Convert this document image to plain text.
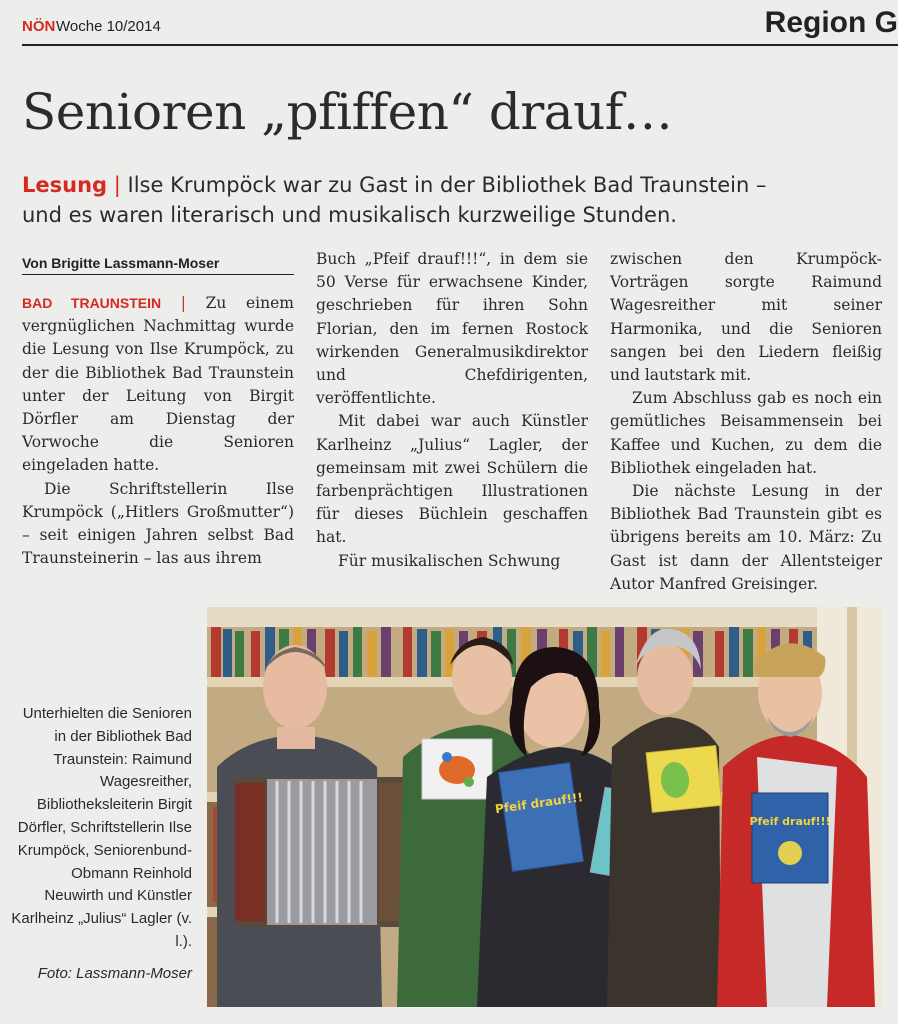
NÖN Woche 10/2014	Region G
Senioren „pfiffen“ drauf…
Lesung | Ilse Krumpöck war zu Gast in der Bibliothek Bad Traunstein –
und es waren literarisch und musikalisch kurzweilige Stunden.
Von Brigitte Lassmann-Moser

BAD TRAUNSTEIN | Zu einem vergnüglichen Nachmittag wurde die Lesung von Ilse Krumpöck, zu der die Bibliothek Bad Traunstein unter der Leitung von Birgit Dörfler am Dienstag der Vorwoche die Senioren eingeladen hatte.

Die Schriftstellerin Ilse Krumpöck („Hitlers Großmutter“) – seit einigen Jahren selbst Bad Traunsteinerin – las aus ihrem

Buch „Pfeif drauf!!!“, in dem sie 50 Verse für erwachsene Kinder, geschrieben für ihren Sohn Florian, den im fernen Rostock wirkenden Generalmusikdirektor und Chefdirigenten, veröffentlichte.

Mit dabei war auch Künstler Karlheinz „Julius“ Lagler, der gemeinsam mit zwei Schülern die farbenprächtigen Illustrationen für dieses Büchlein geschaffen hat.

Für musikalischen Schwung

zwischen den Krumpöck-Vorträgen sorgte Raimund Wagesreither mit seiner Harmonika, und die Senioren sangen bei den Liedern fleißig und lautstark mit.

Zum Abschluss gab es noch ein gemütliches Beisammensein bei Kaffee und Kuchen, zu dem die Bibliothek eingeladen hat.

Die nächste Lesung in der Bibliothek Bad Traunstein gibt es übrigens bereits am 10. März: Zu Gast ist dann der Allentsteiger Autor Manfred Greisinger.

Unterhielten die Senioren in der Bibliothek Bad Traunstein: Raimund Wagesreither, Bibliotheksleiterin Birgit Dörfler, Schriftstellerin Ilse Krumpöck, Seniorenbund-Obmann Reinhold Neuwirth und Künstler Karlheinz „Julius“ Lagler (v. l.).
Foto: Lassmann-Moser
Pfeif drauf!!!
Pfeif drauf!!!
